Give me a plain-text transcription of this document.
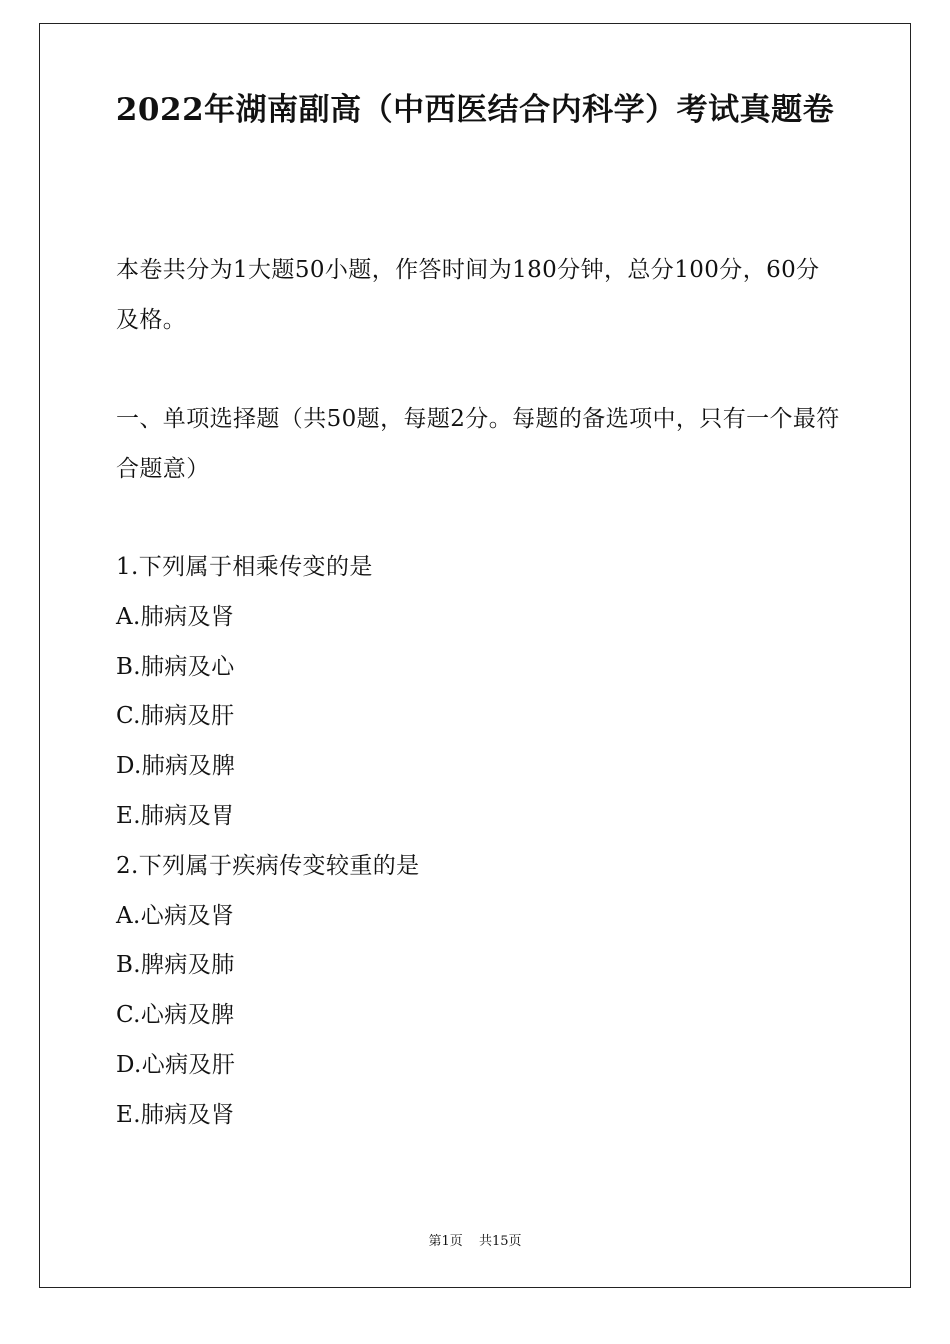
2022年湖南副高（中西医结合内科学）考试真题卷
本卷共分为1大题50小题，作答时间为180分钟，总分100分，60分及格。
一、单项选择题（共50题，每题2分。每题的备选项中，只有一个最符合题意）
1.下列属于相乘传变的是
A.肺病及肾
B.肺病及心
C.肺病及肝
D.肺病及脾
E.肺病及胃
2.下列属于疾病传变较重的是
A.心病及肾
B.脾病及肺
C.心病及脾
D.心病及肝
E.肺病及肾
第1页 共15页
